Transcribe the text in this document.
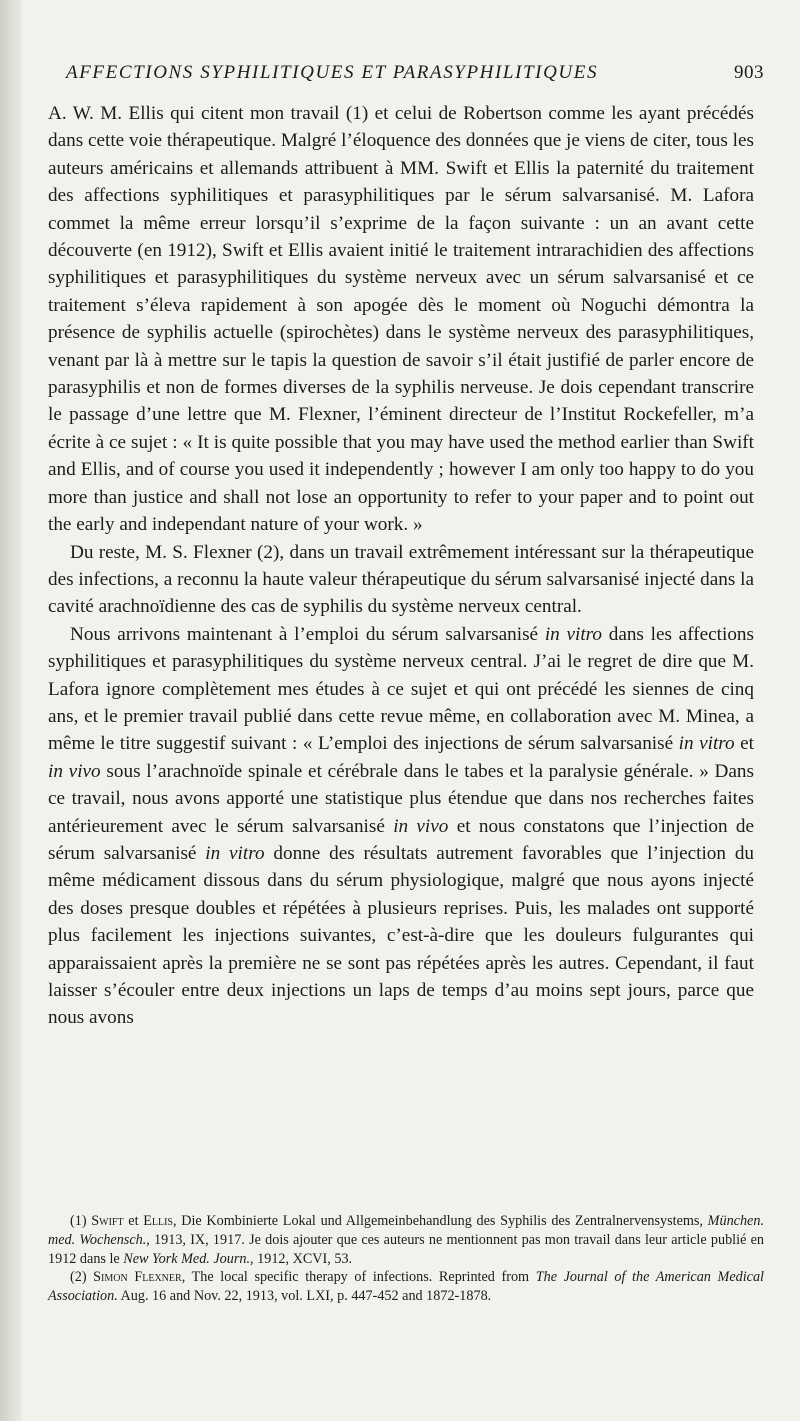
AFFECTIONS SYPHILITIQUES ET PARASYPHILITIQUES	903

A. W. M. Ellis qui citent mon travail (1) et celui de Robertson comme les ayant précédés dans cette voie thérapeutique. Malgré l’éloquence des données que je viens de citer, tous les auteurs américains et allemands attribuent à MM. Swift et Ellis la paternité du traitement des affections syphilitiques et parasyphilitiques par le sérum salvarsanisé. M. Lafora commet la même erreur lorsqu’il s’exprime de la façon suivante : un an avant cette découverte (en 1912), Swift et Ellis avaient initié le traitement intrarachidien des affections syphilitiques et parasyphilitiques du système nerveux avec un sérum salvarsanisé et ce traitement s’éleva rapidement à son apogée dès le moment où Noguchi démontra la présence de syphilis actuelle (spirochètes) dans le système nerveux des parasyphilitiques, venant par là à mettre sur le tapis la question de savoir s’il était justifié de parler encore de parasyphilis et non de formes diverses de la syphilis nerveuse. Je dois cependant transcrire le passage d’une lettre que M. Flexner, l’éminent directeur de l’Institut Rockefeller, m’a écrite à ce sujet : « It is quite possible that you may have used the method earlier than Swift and Ellis, and of course you used it independently ; however I am only too happy to do you more than justice and shall not lose an opportunity to refer to your paper and to point out the early and independant nature of your work. »

Du reste, M. S. Flexner (2), dans un travail extrêmement intéressant sur la thérapeutique des infections, a reconnu la haute valeur thérapeutique du sérum salvarsanisé injecté dans la cavité arachnoïdienne des cas de syphilis du système nerveux central.

Nous arrivons maintenant à l’emploi du sérum salvarsanisé in vitro dans les affections syphilitiques et parasyphilitiques du système nerveux central. J’ai le regret de dire que M. Lafora ignore complètement mes études à ce sujet et qui ont précédé les siennes de cinq ans, et le premier travail publié dans cette revue même, en collaboration avec M. Minea, a même le titre suggestif suivant : « L’emploi des injections de sérum salvarsanisé in vitro et in vivo sous l’arachnoïde spinale et cérébrale dans le tabes et la paralysie générale. » Dans ce travail, nous avons apporté une statistique plus étendue que dans nos recherches faites antérieurement avec le sérum salvarsanisé in vivo et nous constatons que l’injection de sérum salvarsanisé in vitro donne des résultats autrement favorables que l’injection du même médicament dissous dans du sérum physiologique, malgré que nous ayons injecté des doses presque doubles et répétées à plusieurs reprises. Puis, les malades ont supporté plus facilement les injections suivantes, c’est-à-dire que les douleurs fulgurantes qui apparaissaient après la première ne se sont pas répétées après les autres. Cependant, il faut laisser s’écouler entre deux injections un laps de temps d’au moins sept jours, parce que nous avons

(1) Swift et Ellis, Die Kombinierte Lokal und Allgemeinbehandlung des Syphilis des Zentralnervensystems, München. med. Wochensch., 1913, IX, 1917. Je dois ajouter que ces auteurs ne mentionnent pas mon travail dans leur article publié en 1912 dans le New York Med. Journ., 1912, XCVI, 53.

(2) Simon Flexner, The local specific therapy of infections. Reprinted from The Journal of the American Medical Association. Aug. 16 and Nov. 22, 1913, vol. LXI, p. 447-452 and 1872-1878.
